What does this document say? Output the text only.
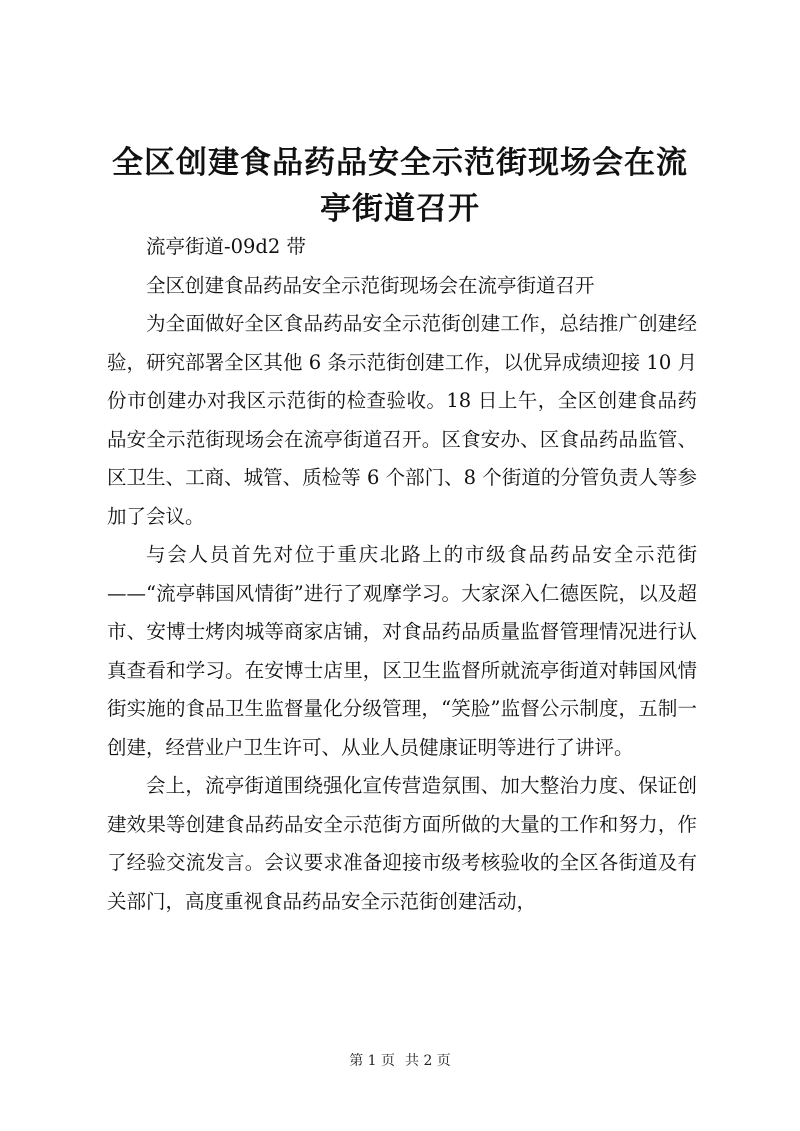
全区创建食品药品安全示范街现场会在流亭街道召开

流亭街道-09d2 带

全区创建食品药品安全示范街现场会在流亭街道召开

为全面做好全区食品药品安全示范街创建工作，总结推广创建经验，研究部署全区其他 6 条示范街创建工作，以优异成绩迎接 10 月份市创建办对我区示范街的检查验收。18 日上午，全区创建食品药品安全示范街现场会在流亭街道召开。区食安办、区食品药品监管、区卫生、工商、城管、质检等 6 个部门、8 个街道的分管负责人等参加了会议。

与会人员首先对位于重庆北路上的市级食品药品安全示范街——“流亭韩国风情街”进行了观摩学习。大家深入仁德医院，以及超市、安博士烤肉城等商家店铺，对食品药品质量监督管理情况进行认真查看和学习。在安博士店里，区卫生监督所就流亭街道对韩国风情街实施的食品卫生监督量化分级管理，“笑脸”监督公示制度，五制一创建，经营业户卫生许可、从业人员健康证明等进行了讲评。

会上，流亭街道围绕强化宣传营造氛围、加大整治力度、保证创建效果等创建食品药品安全示范街方面所做的大量的工作和努力，作了经验交流发言。会议要求准备迎接市级考核验收的全区各街道及有关部门，高度重视食品药品安全示范街创建活动，

第 1 页 共 2 页
